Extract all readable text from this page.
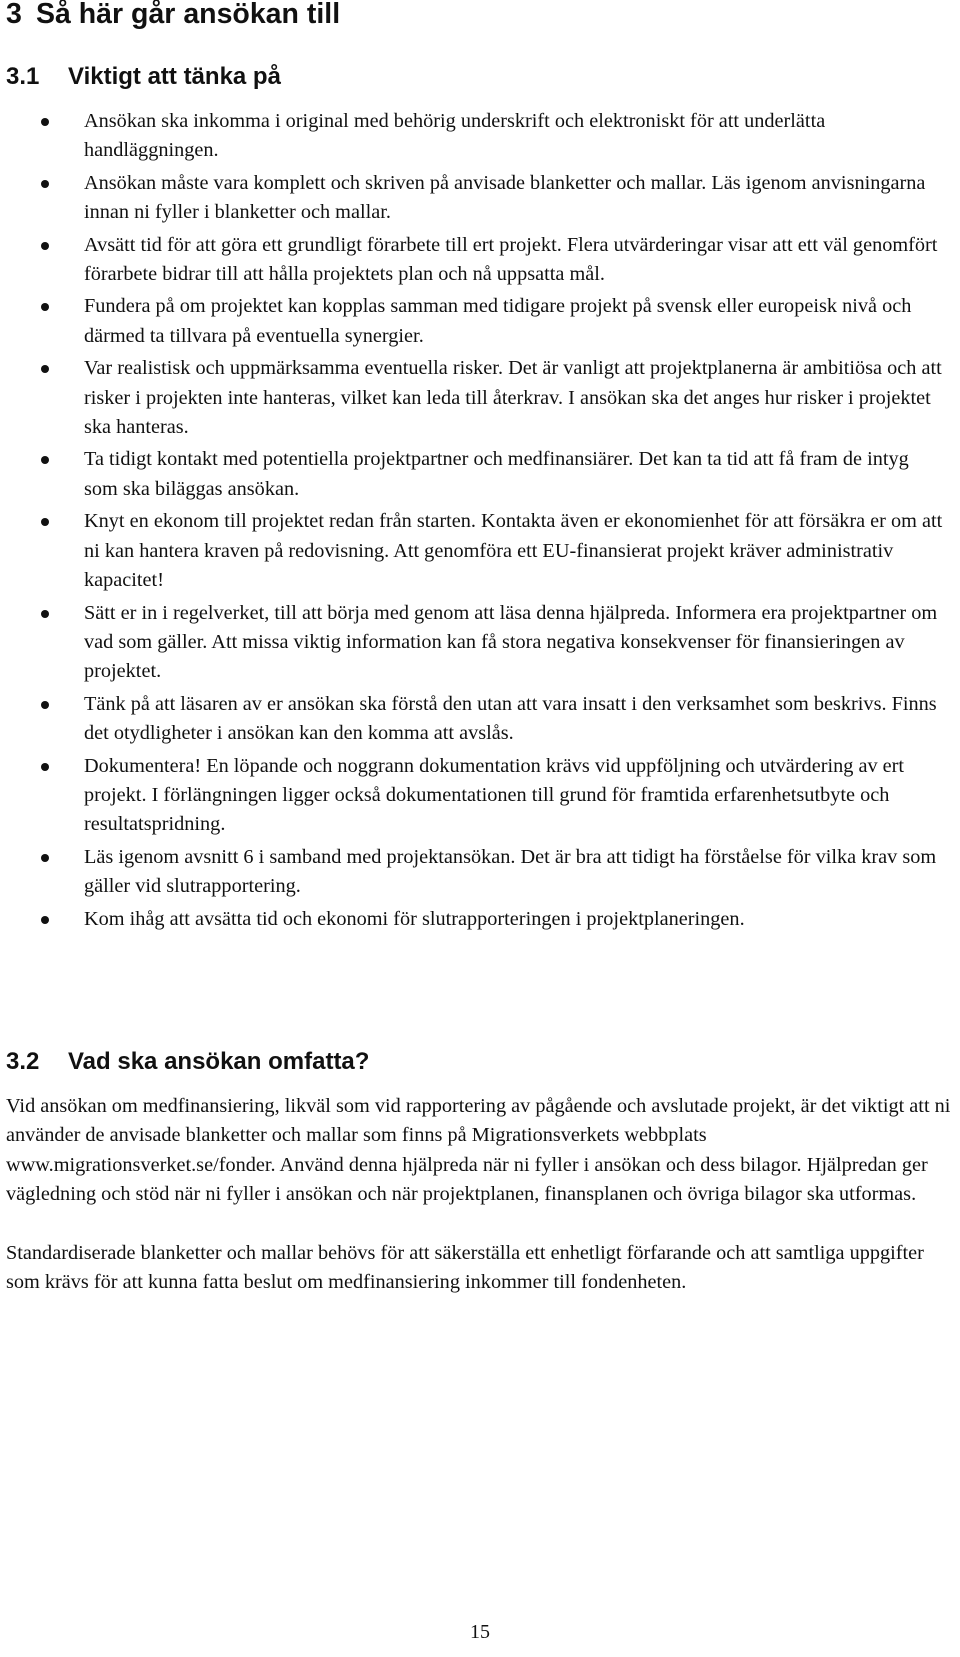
3 Så här går ansökan till
3.1 Viktigt att tänka på
Ansökan ska inkomma i original med behörig underskrift och elektroniskt för att underlätta handläggningen.
Ansökan måste vara komplett och skriven på anvisade blanketter och mallar. Läs igenom anvisningarna innan ni fyller i blanketter och mallar.
Avsätt tid för att göra ett grundligt förarbete till ert projekt. Flera utvärderingar visar att ett väl genomfört förarbete bidrar till att hålla projektets plan och nå uppsatta mål.
Fundera på om projektet kan kopplas samman med tidigare projekt på svensk eller europeisk nivå och därmed ta tillvara på eventuella synergier.
Var realistisk och uppmärksamma eventuella risker. Det är vanligt att projektplanerna är ambitiösa och att risker i projekten inte hanteras, vilket kan leda till återkrav. I ansökan ska det anges hur risker i projektet ska hanteras.
Ta tidigt kontakt med potentiella projektpartner och medfinansiärer. Det kan ta tid att få fram de intyg som ska biläggas ansökan.
Knyt en ekonom till projektet redan från starten. Kontakta även er ekonomienhet för att försäkra er om att ni kan hantera kraven på redovisning. Att genomföra ett EU-finansierat projekt kräver administrativ kapacitet!
Sätt er in i regelverket, till att börja med genom att läsa denna hjälpreda. Informera era projektpartner om vad som gäller. Att missa viktig information kan få stora negativa konsekvenser för finansieringen av projektet.
Tänk på att läsaren av er ansökan ska förstå den utan att vara insatt i den verksamhet som beskrivs. Finns det otydligheter i ansökan kan den komma att avslås.
Dokumentera! En löpande och noggrann dokumentation krävs vid uppföljning och utvärdering av ert projekt. I förlängningen ligger också dokumentationen till grund för framtida erfarenhetsutbyte och resultatspridning.
Läs igenom avsnitt 6 i samband med projektansökan. Det är bra att tidigt ha förståelse för vilka krav som gäller vid slutrapportering.
Kom ihåg att avsätta tid och ekonomi för slutrapporteringen i projektplaneringen.
3.2 Vad ska ansökan omfatta?

Vid ansökan om medfinansiering, likväl som vid rapportering av pågående och avslutade projekt, är det viktigt att ni använder de anvisade blanketter och mallar som finns på Migrationsverkets webbplats www.migrationsverket.se/fonder. Använd denna hjälpreda när ni fyller i ansökan och dess bilagor. Hjälpredan ger vägledning och stöd när ni fyller i ansökan och när projektplanen, finansplanen och övriga bilagor ska utformas.

Standardiserade blanketter och mallar behövs för att säkerställa ett enhetligt förfarande och att samtliga uppgifter som krävs för att kunna fatta beslut om medfinansiering inkommer till fondenheten.

15
